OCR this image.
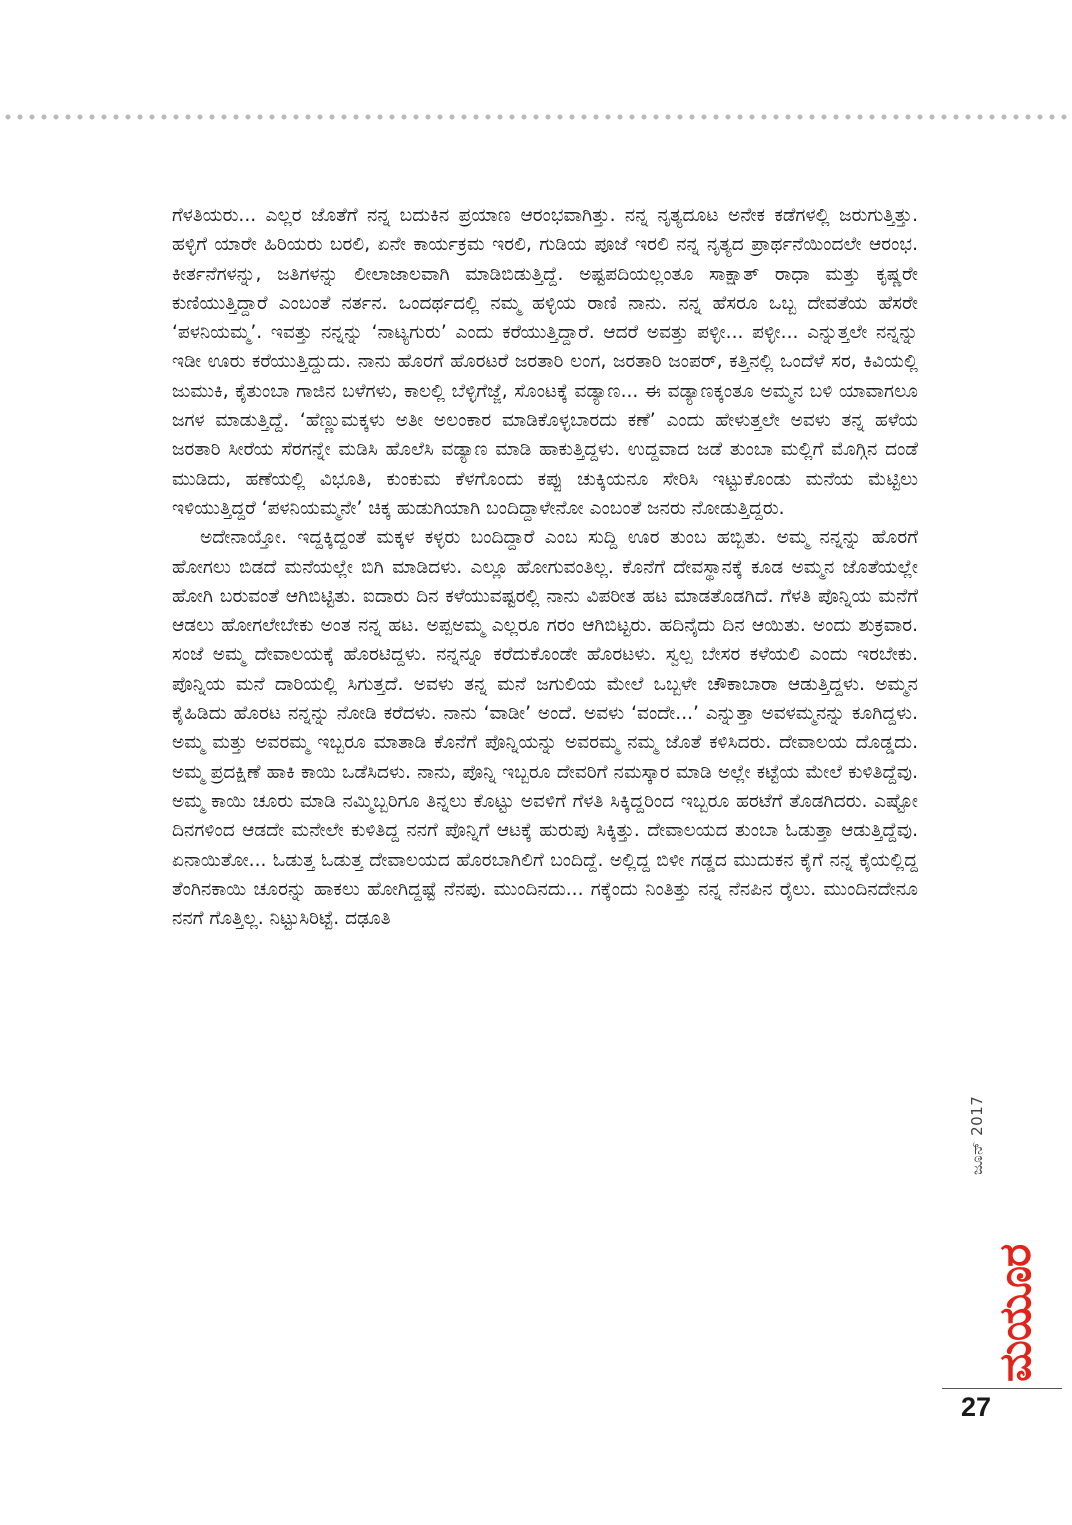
ಗೆಳತಿಯರು... ಎಲ್ಲರ ಜೊತೆಗೆ ನನ್ನ ಬದುಕಿನ ಪ್ರಯಾಣ ಆರಂಭವಾಗಿತ್ತು. ನನ್ನ ನೃತ್ಯದೂಟ ಅನೇಕ ಕಡೆಗಳಲ್ಲಿ ಜರುಗುತ್ತಿತ್ತು. ಹಳ್ಳಿಗೆ ಯಾರೇ ಹಿರಿಯರು ಬರಲಿ, ಏನೇ ಕಾರ್ಯಕ್ರಮ ಇರಲಿ, ಗುಡಿಯ ಪೂಜೆ ಇರಲಿ ನನ್ನ ನೃತ್ಯದ ಪ್ರಾರ್ಥನೆಯಿಂದಲೇ ಆರಂಭ. ಕೀರ್ತನೆಗಳನ್ನು, ಜತಿಗಳನ್ನು ಲೀಲಾಜಾಲವಾಗಿ ಮಾಡಿಬಿಡುತ್ತಿದ್ದೆ. ಅಷ್ಟಪದಿಯಲ್ಲಂತೂ ಸಾಕ್ಷಾತ್ ರಾಧಾ ಮತ್ತು ಕೃಷ್ಣರೇ ಕುಣಿಯುತ್ತಿದ್ದಾರೆ ಎಂಬಂತೆ ನರ್ತನ. ಒಂದರ್ಥದಲ್ಲಿ ನಮ್ಮ ಹಳ್ಳಿಯ ರಾಣಿ ನಾನು. ನನ್ನ ಹೆಸರೂ ಒಬ್ಬ ದೇವತೆಯ ಹೆಸರೇ ‘ಪಳನಿಯಮ್ಮ’. ಇವತ್ತು ನನ್ನನ್ನು ‘ನಾಟ್ಯಗುರು’ ಎಂದು ಕರೆಯುತ್ತಿದ್ದಾರೆ. ಆದರೆ ಅವತ್ತು ಪಳ್ಳೀ... ಪಳ್ಳೀ... ಎನ್ನುತ್ತಲೇ ನನ್ನನ್ನು ಇಡೀ ಊರು ಕರೆಯುತ್ತಿದ್ದುದು. ನಾನು ಹೊರಗೆ ಹೊರಟರೆ ಜರತಾರಿ ಲಂಗ, ಜರತಾರಿ ಜಂಪರ್, ಕತ್ತಿನಲ್ಲಿ ಒಂದೆಳೆ ಸರ, ಕಿವಿಯಲ್ಲಿ ಜುಮುಕಿ, ಕೈತುಂಬಾ ಗಾಜಿನ ಬಳೆಗಳು, ಕಾಲಲ್ಲಿ ಬೆಳ್ಳಿಗೆಜ್ಜೆ, ಸೊಂಟಕ್ಕೆ ವಡ್ಯಾಣ... ಈ ವಡ್ಯಾಣಕ್ಕಂತೂ ಅಮ್ಮನ ಬಳಿ ಯಾವಾಗಲೂ ಜಗಳ ಮಾಡುತ್ತಿದ್ದೆ. ‘ಹೆಣ್ಣುಮಕ್ಕಳು ಅತೀ ಅಲಂಕಾರ ಮಾಡಿಕೊಳ್ಳಬಾರದು ಕಣೆ’ ಎಂದು ಹೇಳುತ್ತಲೇ ಅವಳು ತನ್ನ ಹಳೆಯ ಜರತಾರಿ ಸೀರೆಯ ಸೆರಗನ್ನೇ ಮಡಿಸಿ ಹೊಲೆಸಿ ವಡ್ಯಾಣ ಮಾಡಿ ಹಾಕುತ್ತಿದ್ದಳು. ಉದ್ದವಾದ ಜಡೆ ತುಂಬಾ ಮಲ್ಲಿಗೆ ಮೊಗ್ಗಿನ ದಂಡೆ ಮುಡಿದು, ಹಣೆಯಲ್ಲಿ ವಿಭೂತಿ, ಕುಂಕುಮ ಕೆಳಗೊಂದು ಕಪ್ಪು ಚುಕ್ಕಿಯನೂ ಸೇರಿಸಿ ಇಟ್ಟುಕೊಂಡು ಮನೆಯ ಮೆಟ್ಟಿಲು ಇಳಿಯುತ್ತಿದ್ದರೆ ‘ಪಳನಿಯಮ್ಮನೇ’ ಚಿಕ್ಕ ಹುಡುಗಿಯಾಗಿ ಬಂದಿದ್ದಾಳೇನೋ ಎಂಬಂತೆ ಜನರು ನೋಡುತ್ತಿದ್ದರು.

ಅದೇನಾಯ್ತೋ. ಇದ್ದಕ್ಕಿದ್ದಂತೆ ಮಕ್ಕಳ ಕಳ್ಳರು ಬಂದಿದ್ದಾರೆ ಎಂಬ ಸುದ್ದಿ ಊರ ತುಂಬ ಹಬ್ಬಿತು. ಅಮ್ಮ ನನ್ನನ್ನು ಹೊರಗೆ ಹೋಗಲು ಬಿಡದೆ ಮನೆಯಲ್ಲೇ ಬಿಗಿ ಮಾಡಿದಳು. ಎಲ್ಲೂ ಹೋಗುವಂತಿಲ್ಲ. ಕೊನೆಗೆ ದೇವಸ್ಥಾನಕ್ಕೆ ಕೂಡ ಅಮ್ಮನ ಜೊತೆಯಲ್ಲೇ ಹೋಗಿ ಬರುವಂತೆ ಆಗಿಬಿಟ್ಟಿತು. ಐದಾರು ದಿನ ಕಳೆಯುವಷ್ಟರಲ್ಲಿ ನಾನು ವಿಪರೀತ ಹಟ ಮಾಡತೊಡಗಿದೆ. ಗೆಳತಿ ಪೊನ್ನಿಯ ಮನೆಗೆ ಆಡಲು ಹೋಗಲೇಬೇಕು ಅಂತ ನನ್ನ ಹಟ. ಅಪ್ಪಅಮ್ಮ ಎಲ್ಲರೂ ಗರಂ ಆಗಿಬಿಟ್ಟರು. ಹದಿನೈದು ದಿನ ಆಯಿತು. ಅಂದು ಶುಕ್ರವಾರ. ಸಂಜೆ ಅಮ್ಮ ದೇವಾಲಯಕ್ಕೆ ಹೊರಟಿದ್ದಳು. ನನ್ನನ್ನೂ ಕರೆದುಕೊಂಡೇ ಹೊರಟಳು. ಸ್ವಲ್ಪ ಬೇಸರ ಕಳೆಯಲಿ ಎಂದು ಇರಬೇಕು. ಪೊನ್ನಿಯ ಮನೆ ದಾರಿಯಲ್ಲಿ ಸಿಗುತ್ತದೆ. ಅವಳು ತನ್ನ ಮನೆ ಜಗುಲಿಯ ಮೇಲೆ ಒಬ್ಬಳೇ ಚೌಕಾಬಾರಾ ಆಡುತ್ತಿದ್ದಳು. ಅಮ್ಮನ ಕೈಹಿಡಿದು ಹೊರಟ ನನ್ನನ್ನು ನೋಡಿ ಕರೆದಳು. ನಾನು ‘ವಾಡೀ’ ಅಂದೆ. ಅವಳು ‘ವಂದೇ...’ ಎನ್ನುತ್ತಾ ಅವಳಮ್ಮನನ್ನು ಕೂಗಿದ್ದಳು. ಅಮ್ಮ ಮತ್ತು ಅವರಮ್ಮ ಇಬ್ಬರೂ ಮಾತಾಡಿ ಕೊನೆಗೆ ಪೊನ್ನಿಯನ್ನು ಅವರಮ್ಮ ನಮ್ಮ ಜೊತೆ ಕಳಿಸಿದರು. ದೇವಾಲಯ ದೊಡ್ಡದು. ಅಮ್ಮ ಪ್ರದಕ್ಷಿಣೆ ಹಾಕಿ ಕಾಯಿ ಒಡೆಸಿದಳು. ನಾನು, ಪೊನ್ನಿ ಇಬ್ಬರೂ ದೇವರಿಗೆ ನಮಸ್ಕಾರ ಮಾಡಿ ಅಲ್ಲೇ ಕಟ್ಟೆಯ ಮೇಲೆ ಕುಳಿತಿದ್ದೆವು. ಅಮ್ಮ ಕಾಯಿ ಚೂರು ಮಾಡಿ ನಮ್ಮಿಬ್ಬರಿಗೂ ತಿನ್ನಲು ಕೊಟ್ಟು ಅವಳಿಗೆ ಗೆಳತಿ ಸಿಕ್ಕಿದ್ದರಿಂದ ಇಬ್ಬರೂ ಹರಟೆಗೆ ತೊಡಗಿದರು. ಎಷ್ಟೋ ದಿನಗಳಿಂದ ಆಡದೇ ಮನೇಲೇ ಕುಳಿತಿದ್ದ ನನಗೆ ಪೊನ್ನಿಗೆ ಆಟಕ್ಕೆ ಹುರುಪು ಸಿಕ್ಕಿತ್ತು. ದೇವಾಲಯದ ತುಂಬಾ ಓಡುತ್ತಾ ಆಡುತ್ತಿದ್ದೆವು. ಏನಾಯಿತೋ... ಓಡುತ್ತ ಓಡುತ್ತ ದೇವಾಲಯದ ಹೊರಬಾಗಿಲಿಗೆ ಬಂದಿದ್ದೆ. ಅಲ್ಲಿದ್ದ ಬಿಳೀ ಗಡ್ಡದ ಮುದುಕನ ಕೈಗೆ ನನ್ನ ಕೈಯಲ್ಲಿದ್ದ ತೆಂಗಿನಕಾಯಿ ಚೂರನ್ನು ಹಾಕಲು ಹೋಗಿದ್ದಷ್ಟೆ ನೆನಪು. ಮುಂದಿನದು... ಗಕ್ಕೆಂದು ನಿಂತಿತ್ತು ನನ್ನ ನೆನಪಿನ ರೈಲು. ಮುಂದಿನದೇನೂ ನನಗೆ ಗೊತ್ತಿಲ್ಲ. ನಿಟ್ಟುಸಿರಿಟ್ಟೆ. ದಢೂತಿ

ಜೂನ್ 2017
ಮಯೂರ
27
